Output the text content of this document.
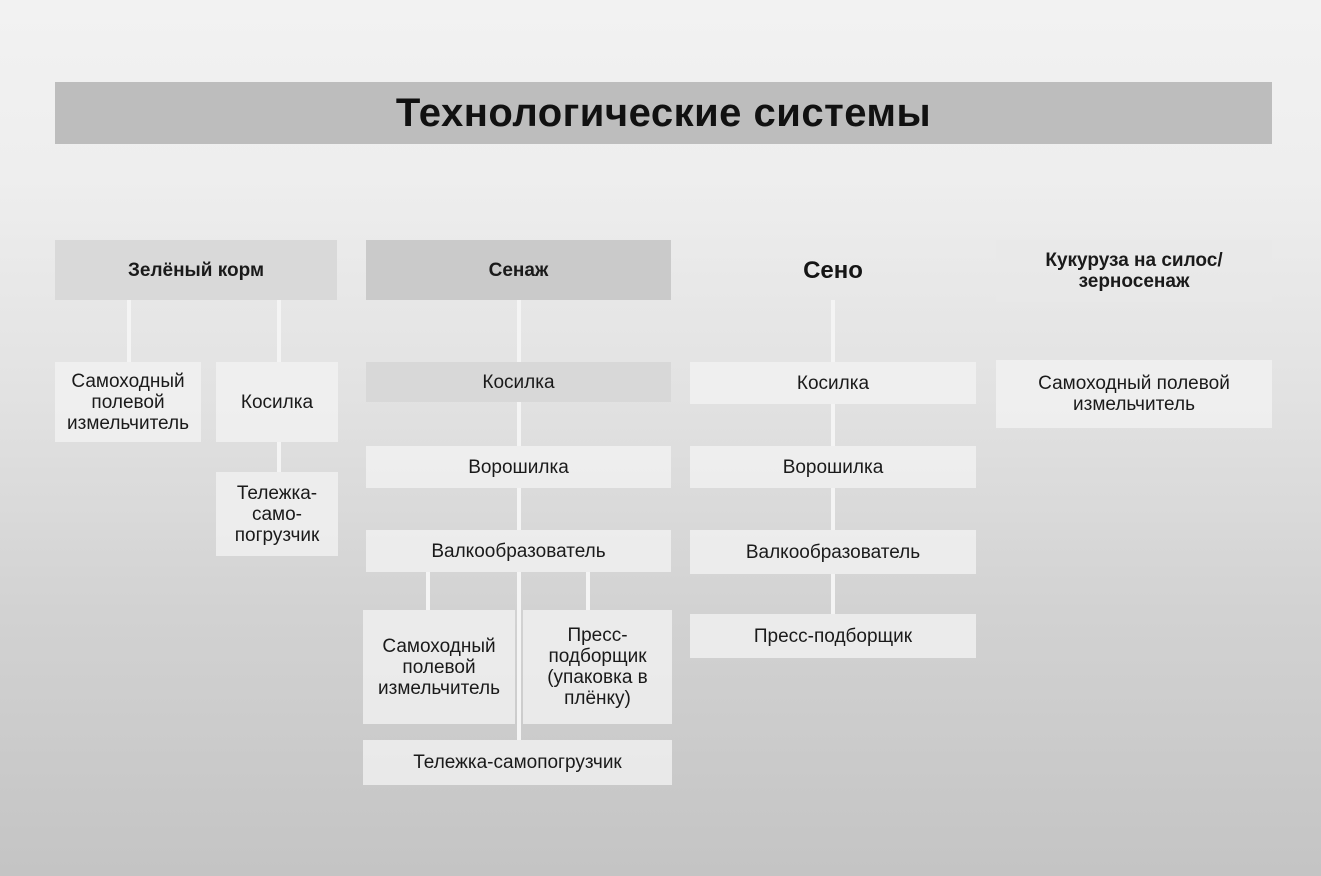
Технологические системы
Зелёный корм
Самоходный полевой измельчитель
Косилка
Тележка-само-погрузчик
Сенаж
Косилка
Ворошилка
Валкообразователь
Самоходный полевой измельчитель
Пресс-подборщик (упаковка в плёнку)
Тележка-самопогрузчик
Сено
Косилка
Ворошилка
Валкообразователь
Пресс-подборщик
Кукуруза на силос/ зерносенаж
Самоходный полевой измельчитель
